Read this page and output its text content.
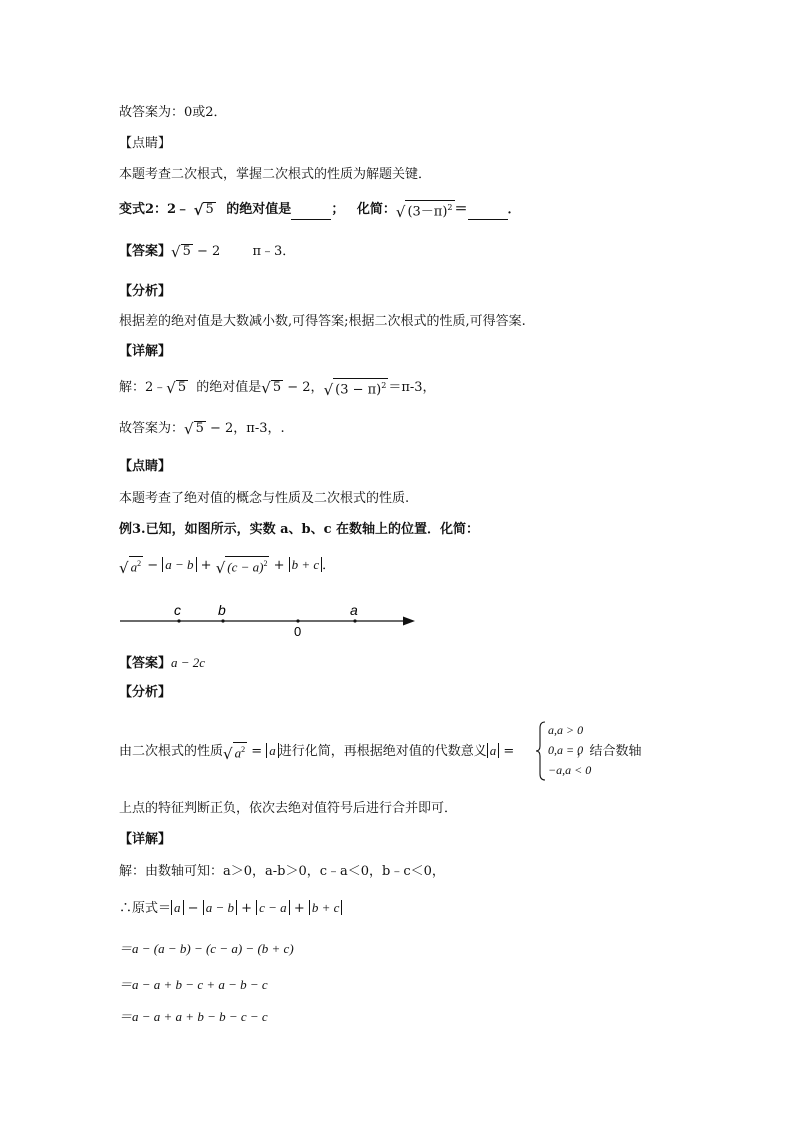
故答案为：0或2．
【点睛】
本题考查二次根式，掌握二次根式的性质为解题关键．
变式2：2﹣ √ 5 的绝对值是	； 化简： √ $(3-\pi)^2$ ＝	．
【答案】 √ 5 − 2 π﹣3．
【分析】
根据差的绝对值是大数减小数,可得答案;根据二次根式的性质,可得答案.
【详解】
解：2﹣ √ 5 的绝对值是 √ 5 − 2， √ $(3 - \pi)^2 =\pi-3$，
故答案为： √ 5 − 2，π-3，.
【点睛】
本题考查了绝对值的概念与性质及二次根式的性质.
例3.已知，如图所示，实数 a、b、c 在数轴上的位置．化简：
√ $a^2 - a - b$ + √ $(c - a)^2 + b + c$ ．
c	b
0
a
【答案】a − 2c
【分析】
由二次根式的性质 √ $a^2 = a$ 进行化简，再根据绝对值的代数意义 a =	，结合数轴
a,a > 0
0,a = 0
−a,a < 0
上点的特征判断正负，依次去绝对值符号后进行合并即可．
【详解】
解：由数轴可知：a＞0，a-b＞0，c﹣a＜0，b﹣c＜0，
∴原式＝ a − a − b + c − a + b + c
＝a − (a − b) − (c − a) − (b + c)
＝a − a + b − c + a − b − c
＝a − a + a + b − b − c − c
